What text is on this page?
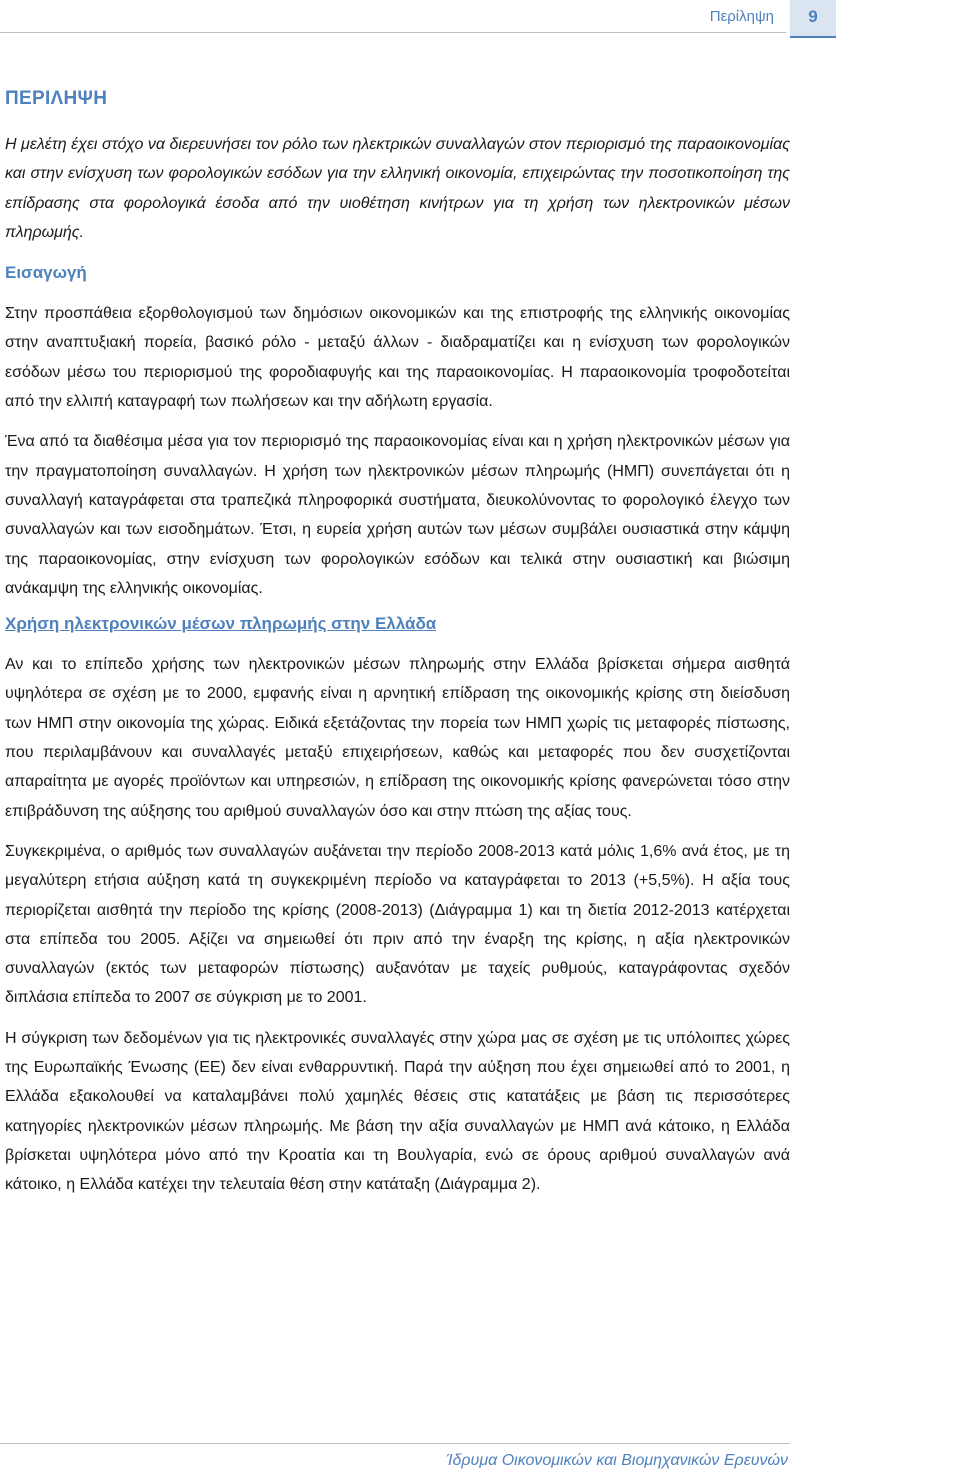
Περίληψη	9
ΠΕΡΙΛΗΨΗ

Η μελέτη έχει στόχο να διερευνήσει τον ρόλο των ηλεκτρικών συναλλαγών στον περιορισμό της παραοικονομίας και στην ενίσχυση των φορολογικών εσόδων για την ελληνική οικονομία, επιχειρώντας την ποσοτικοποίηση της επίδρασης στα φορολογικά έσοδα από την υιοθέτηση κινήτρων για τη χρήση των ηλεκτρονικών μέσων πληρωμής.

Εισαγωγή

Στην προσπάθεια εξορθολογισμού των δημόσιων οικονομικών και της επιστροφής της ελληνικής οικονομίας στην αναπτυξιακή πορεία, βασικό ρόλο - μεταξύ άλλων - διαδραματίζει και η ενίσχυση των φορολογικών εσόδων μέσω του περιορισμού της φοροδιαφυγής και της παραοικονομίας. Η παραοικονομία τροφοδοτείται από την ελλιπή καταγραφή των πωλήσεων και την αδήλωτη εργασία.

Ένα από τα διαθέσιμα μέσα για τον περιορισμό της παραοικονομίας είναι και η χρήση ηλεκτρονικών μέσων για την πραγματοποίηση συναλλαγών. Η χρήση των ηλεκτρονικών μέσων πληρωμής (ΗΜΠ) συνεπάγεται ότι η συναλλαγή καταγράφεται στα τραπεζικά πληροφορικά συστήματα, διευκολύνοντας το φορολογικό έλεγχο των συναλλαγών και των εισοδημάτων. Έτσι, η ευρεία χρήση αυτών των μέσων συμβάλει ουσιαστικά στην κάμψη της παραοικονομίας, στην ενίσχυση των φορολογικών εσόδων και τελικά στην ουσιαστική και βιώσιμη ανάκαμψη της ελληνικής οικονομίας.

Χρήση ηλεκτρονικών μέσων πληρωμής στην Ελλάδα

Αν και το επίπεδο χρήσης των ηλεκτρονικών μέσων πληρωμής στην Ελλάδα βρίσκεται σήμερα αισθητά υψηλότερα σε σχέση με το 2000, εμφανής είναι η αρνητική επίδραση της οικονομικής κρίσης στη διείσδυση των ΗΜΠ στην οικονομία της χώρας. Ειδικά εξετάζοντας την πορεία των ΗΜΠ χωρίς τις μεταφορές πίστωσης, που περιλαμβάνουν και συναλλαγές μεταξύ επιχειρήσεων, καθώς και μεταφορές που δεν συσχετίζονται απαραίτητα με αγορές προϊόντων και υπηρεσιών, η επίδραση της οικονομικής κρίσης φανερώνεται τόσο στην επιβράδυνση της αύξησης του αριθμού συναλλαγών όσο και στην πτώση της αξίας τους.

Συγκεκριμένα, ο αριθμός των συναλλαγών αυξάνεται την περίοδο 2008-2013 κατά μόλις 1,6% ανά έτος, με τη μεγαλύτερη ετήσια αύξηση κατά τη συγκεκριμένη περίοδο να καταγράφεται το 2013 (+5,5%). Η αξία τους περιορίζεται αισθητά την περίοδο της κρίσης (2008-2013) (Διάγραμμα 1) και τη διετία 2012-2013 κατέρχεται στα επίπεδα του 2005. Αξίζει να σημειωθεί ότι πριν από την έναρξη της κρίσης, η αξία ηλεκτρονικών συναλλαγών (εκτός των μεταφορών πίστωσης) αυξανόταν με ταχείς ρυθμούς, καταγράφοντας σχεδόν διπλάσια επίπεδα το 2007 σε σύγκριση με το 2001.

Η σύγκριση των δεδομένων για τις ηλεκτρονικές συναλλαγές στην χώρα μας σε σχέση με τις υπόλοιπες χώρες της Ευρωπαϊκής Ένωσης (ΕΕ) δεν είναι ενθαρρυντική. Παρά την αύξηση που έχει σημειωθεί από το 2001, η Ελλάδα εξακολουθεί να καταλαμβάνει πολύ χαμηλές θέσεις στις κατατάξεις με βάση τις περισσότερες κατηγορίες ηλεκτρονικών μέσων πληρωμής. Με βάση την αξία συναλλαγών με ΗΜΠ ανά κάτοικο, η Ελλάδα βρίσκεται υψηλότερα μόνο από την Κροατία και τη Βουλγαρία, ενώ σε όρους αριθμού συναλλαγών ανά κάτοικο, η Ελλάδα κατέχει την τελευταία θέση στην κατάταξη (Διάγραμμα 2).

Ίδρυμα Οικονομικών και Βιομηχανικών Ερευνών
